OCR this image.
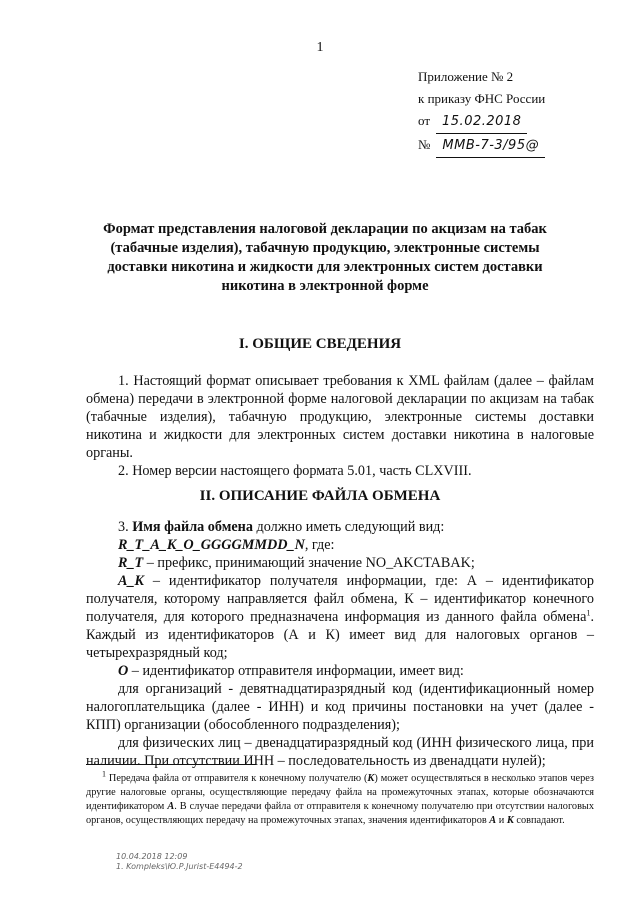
1
Приложение № 2
к приказу ФНС России
от 15.02.2018
№ ММВ-7-3/95@
Формат представления налоговой декларации по акцизам на табак (табачные изделия), табачную продукцию, электронные системы доставки никотина и жидкости для электронных систем доставки никотина в электронной форме
I. ОБЩИЕ СВЕДЕНИЯ

1. Настоящий формат описывает требования к XML файлам (далее – файлам обмена) передачи в электронной форме налоговой декларации по акцизам на табак (табачные изделия), табачную продукцию, электронные системы доставки никотина и жидкости для электронных систем доставки никотина в налоговые органы.

2. Номер версии настоящего формата 5.01, часть CLXVIII.

II. ОПИСАНИЕ ФАЙЛА ОБМЕНА

3. Имя файла обмена должно иметь следующий вид:

R_T_A_K_O_GGGGMMDD_N, где:

R_T – префикс, принимающий значение NO_AKCTABAK;

A_K – идентификатор получателя информации, где: А – идентификатор получателя, которому направляется файл обмена, К – идентификатор конечного получателя, для которого предназначена информация из данного файла обмена$^1$. Каждый из идентификаторов (А и К) имеет вид для налоговых органов – четырехразрядный код;

O – идентификатор отправителя информации, имеет вид:

для организаций - девятнадцатиразрядный код (идентификационный номер налогоплательщика (далее - ИНН) и код причины постановки на учет (далее - КПП) организации (обособленного подразделения);

для физических лиц – двенадцатиразрядный код (ИНН физического лица, при наличии. При отсутствии ИНН – последовательность из двенадцати нулей);

$^1$ Передача файла от отправителя к конечному получателю (К) может осуществляться в несколько этапов через другие налоговые органы, осуществляющие передачу файла на промежуточных этапах, которые обозначаются идентификатором А. В случае передачи файла от отправителя к конечному получателю при отсутствии налоговых органов, осуществляющих передачу на промежуточных этапах, значения идентификаторов А и К совпадают.

10.04.2018 12:09
1. Kompleks\Ю.Р.Jurist-E4494-2
